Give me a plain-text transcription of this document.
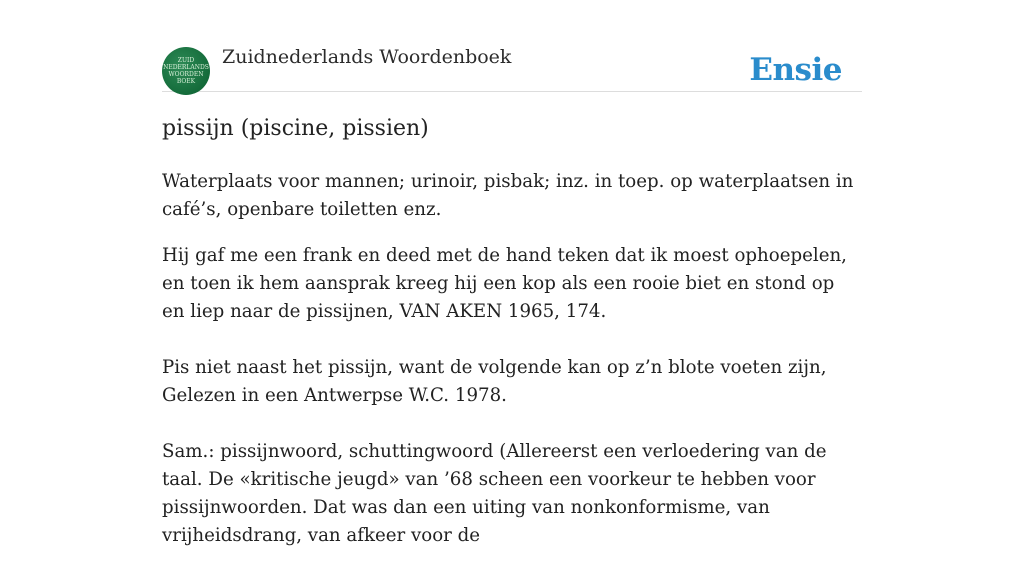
ZUID
NEDERLANDS
WOORDEN
BOEK
Zuidnederlands Woordenboek	Ensie
pissijn (piscine, pissien)

Waterplaats voor mannen; urinoir, pisbak; inz. in toep. op waterplaatsen in café’s, openbare toiletten enz.

Hij gaf me een frank en deed met de hand teken dat ik moest ophoepelen, en toen ik hem aansprak kreeg hij een kop als een rooie biet en stond op en liep naar de pissijnen, VAN AKEN 1965, 174.

Pis niet naast het pissijn, want de volgende kan op z’n blote voeten zijn, Gelezen in een Antwerpse W.C. 1978.

Sam.: pissijnwoord, schuttingwoord (Allereerst een verloedering van de taal. De «kritische jeugd» van ’68 scheen een voorkeur te hebben voor pissijnwoorden. Dat was dan een uiting van nonkonformisme, van vrijheidsdrang, van afkeer voor de
